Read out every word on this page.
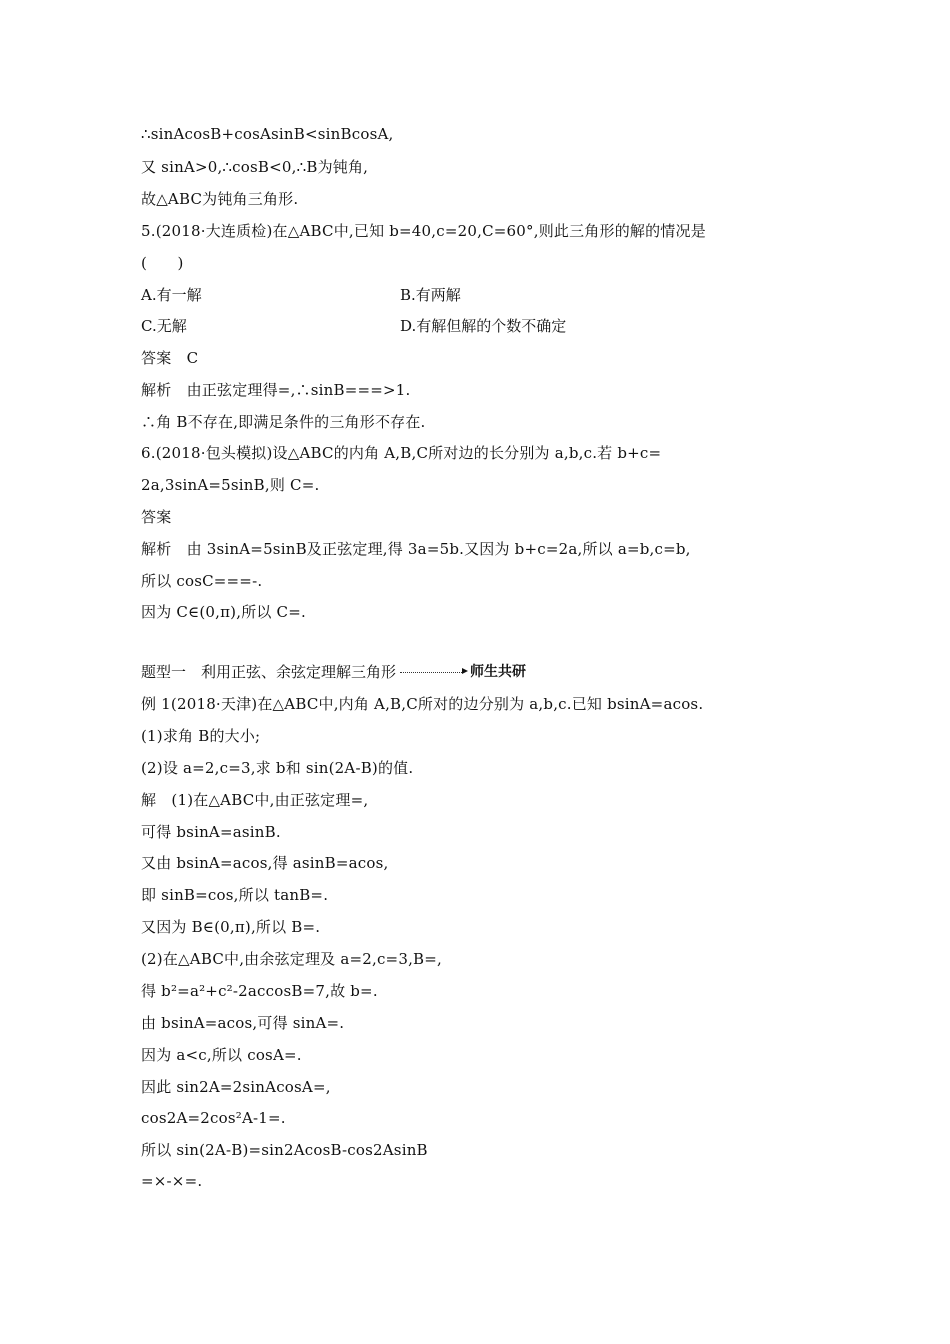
∴sinAcosB+cosAsinB<sinBcosA,
又 sinA>0,∴cosB<0,∴B为钝角,
故△ABC为钝角三角形.
5.(2018·大连质检)在△ABC中,已知 b=40,c=20,C=60°,则此三角形的解的情况是
(　　)
A.有一解	B.有两解
C.无解	D.有解但解的个数不确定
答案　C
解析　由正弦定理得=,∴sinB===>1.
∴角 B不存在,即满足条件的三角形不存在.
6.(2018·包头模拟)设△ABC的内角 A,B,C所对边的长分别为 a,b,c.若 b+c=
2a,3sinA=5sinB,则 C=.
答案
解析　由 3sinA=5sinB及正弦定理,得 3a=5b.又因为 b+c=2a,所以 a=b,c=b,
所以 cosC===-.
因为 C∈(0,π),所以 C=.
题型一　利用正弦、余弦定理解三角形	师生共研
例 1(2018·天津)在△ABC中,内角 A,B,C所对的边分别为 a,b,c.已知 bsinA=acos.
(1)求角 B的大小;
(2)设 a=2,c=3,求 b和 sin(2A-B)的值.
解　(1)在△ABC中,由正弦定理=,
可得 bsinA=asinB.
又由 bsinA=acos,得 asinB=acos,
即 sinB=cos,所以 tanB=.
又因为 B∈(0,π),所以 B=.
(2)在△ABC中,由余弦定理及 a=2,c=3,B=,
得 b²=a²+c²-2accosB=7,故 b=.
由 bsinA=acos,可得 sinA=.
因为 a<c,所以 cosA=.
因此 sin2A=2sinAcosA=,
cos2A=2cos²A-1=.
所以 sin(2A-B)=sin2AcosB-cos2AsinB
=×-×=.
